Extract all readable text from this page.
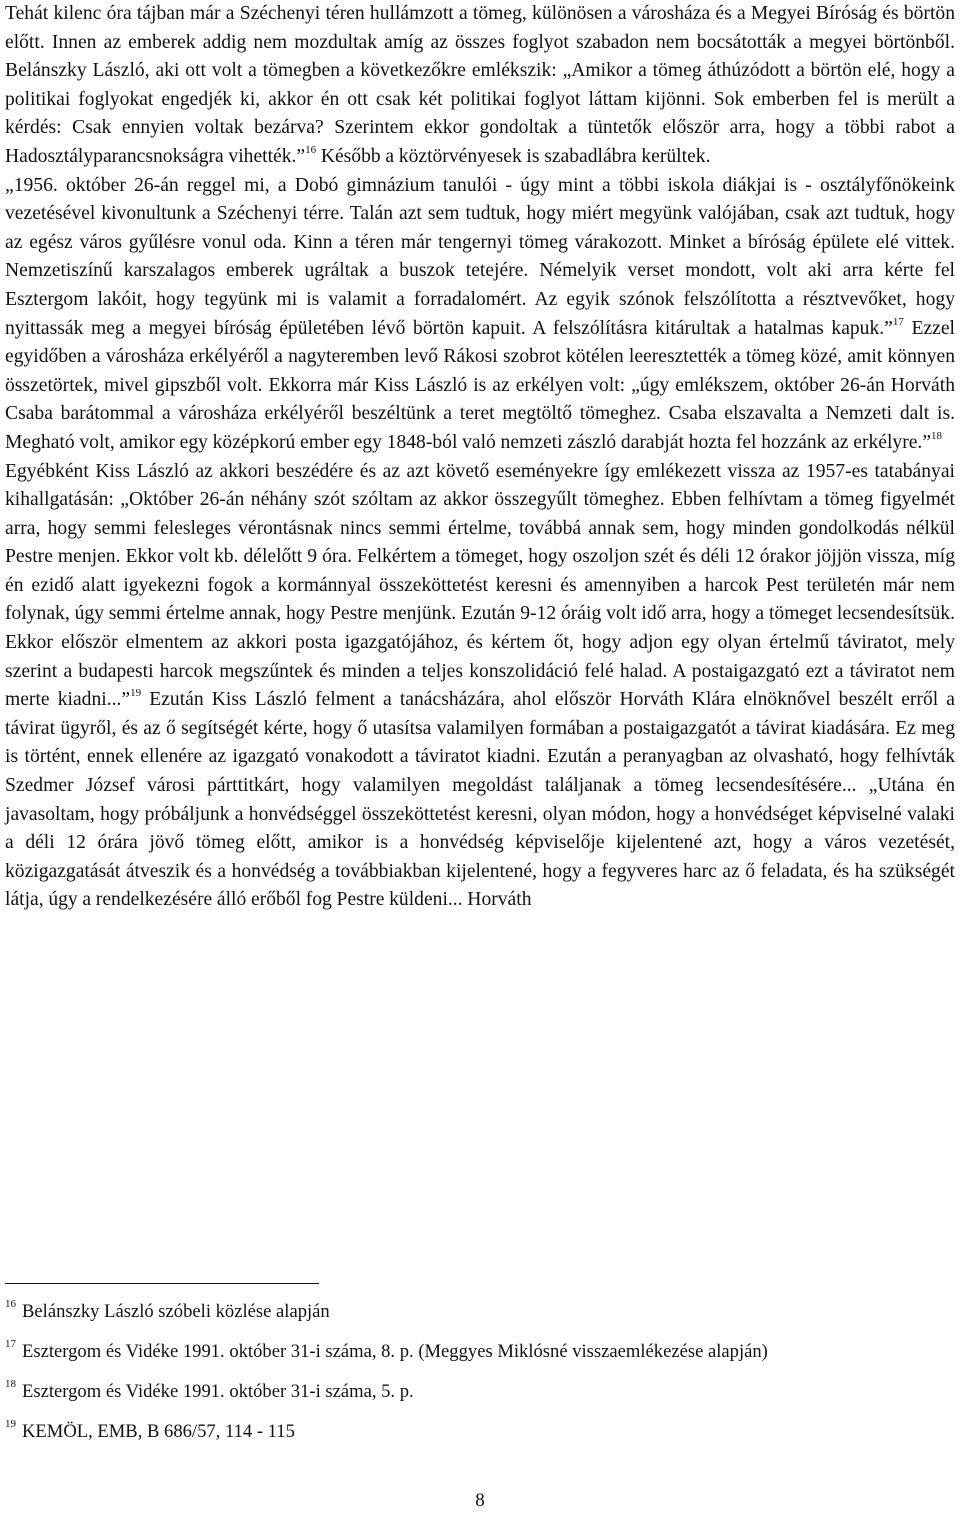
Tehát kilenc óra tájban már a Széchenyi téren hullámzott a tömeg, különösen a városháza és a Megyei Bíróság és börtön előtt. Innen az emberek addig nem mozdultak amíg az összes foglyot szabadon nem bocsátották a megyei börtönből. Belánszky László, aki ott volt a tömegben a következőkre emlékszik: „Amikor a tömeg áthúzódott a börtön elé, hogy a politikai foglyokat engedjék ki, akkor én ott csak két politikai foglyot láttam kijönni. Sok emberben fel is merült a kérdés: Csak ennyien voltak bezárva? Szerintem ekkor gondoltak a tüntetők először arra, hogy a többi rabot a Hadosztályparancsnokságra vihették.”$^{16}$ Később a köztörvényesek is szabadlábra kerültek.

„1956. október 26-án reggel mi, a Dobó gimnázium tanulói - úgy mint a többi iskola diákjai is - osztályfőnökeink vezetésével kivonultunk a Széchenyi térre. Talán azt sem tudtuk, hogy miért megyünk valójában, csak azt tudtuk, hogy az egész város gyűlésre vonul oda. Kinn a téren már tengernyi tömeg várakozott. Minket a bíróság épülete elé vittek. Nemzetiszínű karszalagos emberek ugráltak a buszok tetejére. Némelyik verset mondott, volt aki arra kérte fel Esztergom lakóit, hogy tegyünk mi is valamit a forradalomért. Az egyik szónok felszólította a résztvevőket, hogy nyittassák meg a megyei bíróság épületében lévő börtön kapuit. A felszólításra kitárultak a hatalmas kapuk.”$^{17}$ Ezzel egyidőben a városháza erkélyéről a nagyteremben levő Rákosi szobrot kötélen leeresztették a tömeg közé, amit könnyen összetörtek, mivel gipszből volt. Ekkorra már Kiss László is az erkélyen volt: „úgy emlékszem, október 26-án Horváth Csaba barátommal a városháza erkélyéről beszéltünk a teret megtöltő tömeghez. Csaba elszavalta a Nemzeti dalt is. Megható volt, amikor egy középkorú ember egy 1848-ból való nemzeti zászló darabját hozta fel hozzánk az erkélyre.”$^{18}$

Egyébként Kiss László az akkori beszédére és az azt követő eseményekre így emlékezett vissza az 1957-es tatabányai kihallgatásán: „Október 26-án néhány szót szóltam az akkor összegyűlt tömeghez. Ebben felhívtam a tömeg figyelmét arra, hogy semmi felesleges vérontásnak nincs semmi értelme, továbbá annak sem, hogy minden gondolkodás nélkül Pestre menjen. Ekkor volt kb. délelőtt 9 óra. Felkértem a tömeget, hogy oszoljon szét és déli 12 órakor jöjjön vissza, míg én ezidő alatt igyekezni fogok a kormánnyal összeköttetést keresni és amennyiben a harcok Pest területén már nem folynak, úgy semmi értelme annak, hogy Pestre menjünk. Ezután 9-12 óráig volt idő arra, hogy a tömeget lecsendesítsük. Ekkor először elmentem az akkori posta igazgatójához, és kértem őt, hogy adjon egy olyan értelmű táviratot, mely szerint a budapesti harcok megszűntek és minden a teljes konszolidáció felé halad. A postaigazgató ezt a táviratot nem merte kiadni...”$^{19}$ Ezután Kiss László felment a tanácsházára, ahol először Horváth Klára elnöknővel beszélt erről a távirat ügyről, és az ő segítségét kérte, hogy ő utasítsa valamilyen formában a postaigazgatót a távirat kiadására. Ez meg is történt, ennek ellenére az igazgató vonakodott a táviratot kiadni. Ezután a peranyagban az olvasható, hogy felhívták Szedmer József városi párttitkárt, hogy valamilyen megoldást találjanak a tömeg lecsendesítésére... „Utána én javasoltam, hogy próbáljunk a honvédséggel összeköttetést keresni, olyan módon, hogy a honvédséget képviselné valaki a déli 12 órára jövő tömeg előtt, amikor is a honvédség képviselője kijelentené azt, hogy a város vezetését, közigazgatását átveszik és a honvédség a továbbiakban kijelentené, hogy a fegyveres harc az ő feladata, és ha szükségét látja, úgy a rendelkezésére álló erőből fog Pestre küldeni... Horváth

$^{16}$ Belánszky László szóbeli közlése alapján

$^{17}$ Esztergom és Vidéke 1991. október 31-i száma, 8. p. (Meggyes Miklósné visszaemlékezése alapján)

$^{18}$ Esztergom és Vidéke 1991. október 31-i száma, 5. p.

$^{19}$ KEMÖL, EMB, B 686/57, 114 - 115

8
